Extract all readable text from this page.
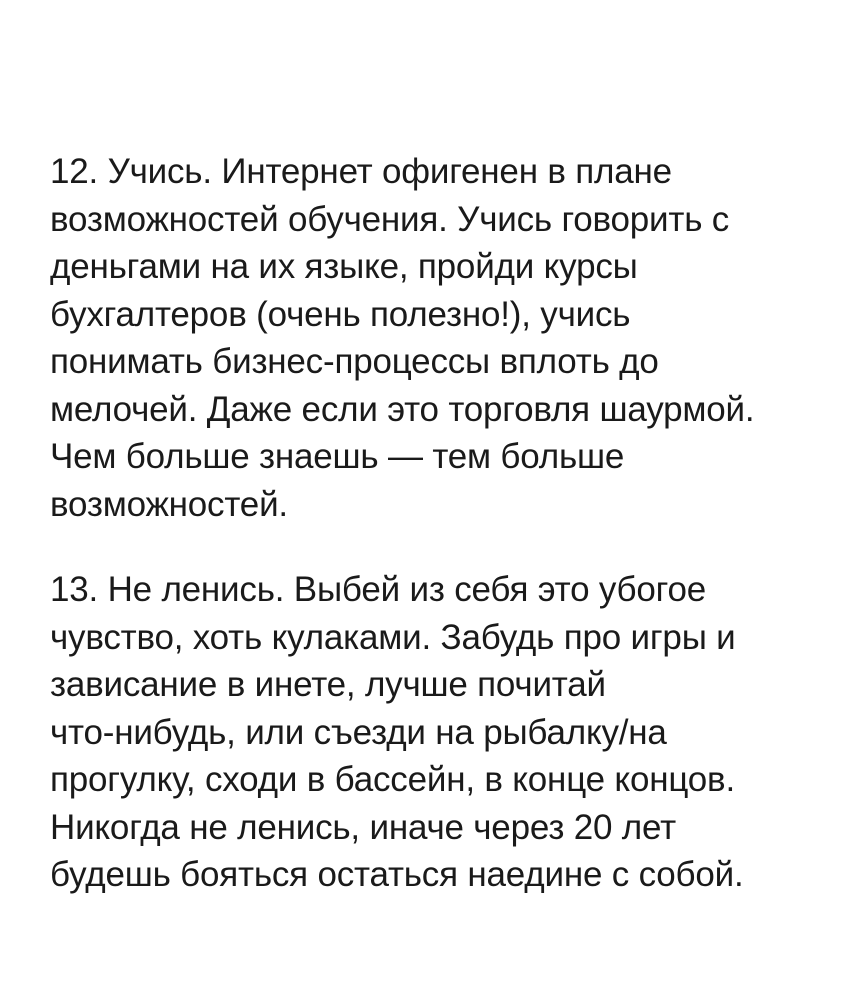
12. Учись. Интернет офигенен в плане
возможностей обучения. Учись говорить с
деньгами на их языке, пройди курсы
бухгалтеров (очень полезно!), учись
понимать бизнес-процессы вплоть до
мелочей. Даже если это торговля шаурмой.
Чем больше знаешь — тем больше
возможностей.

13. Не ленись. Выбей из себя это убогое
чувство, хоть кулаками. Забудь про игры и
зависание в инете, лучше почитай
что-нибудь, или съезди на рыбалку/на
прогулку, сходи в бассейн, в конце концов.
Никогда не ленись, иначе через 20 лет
будешь бояться остаться наедине с собой.
